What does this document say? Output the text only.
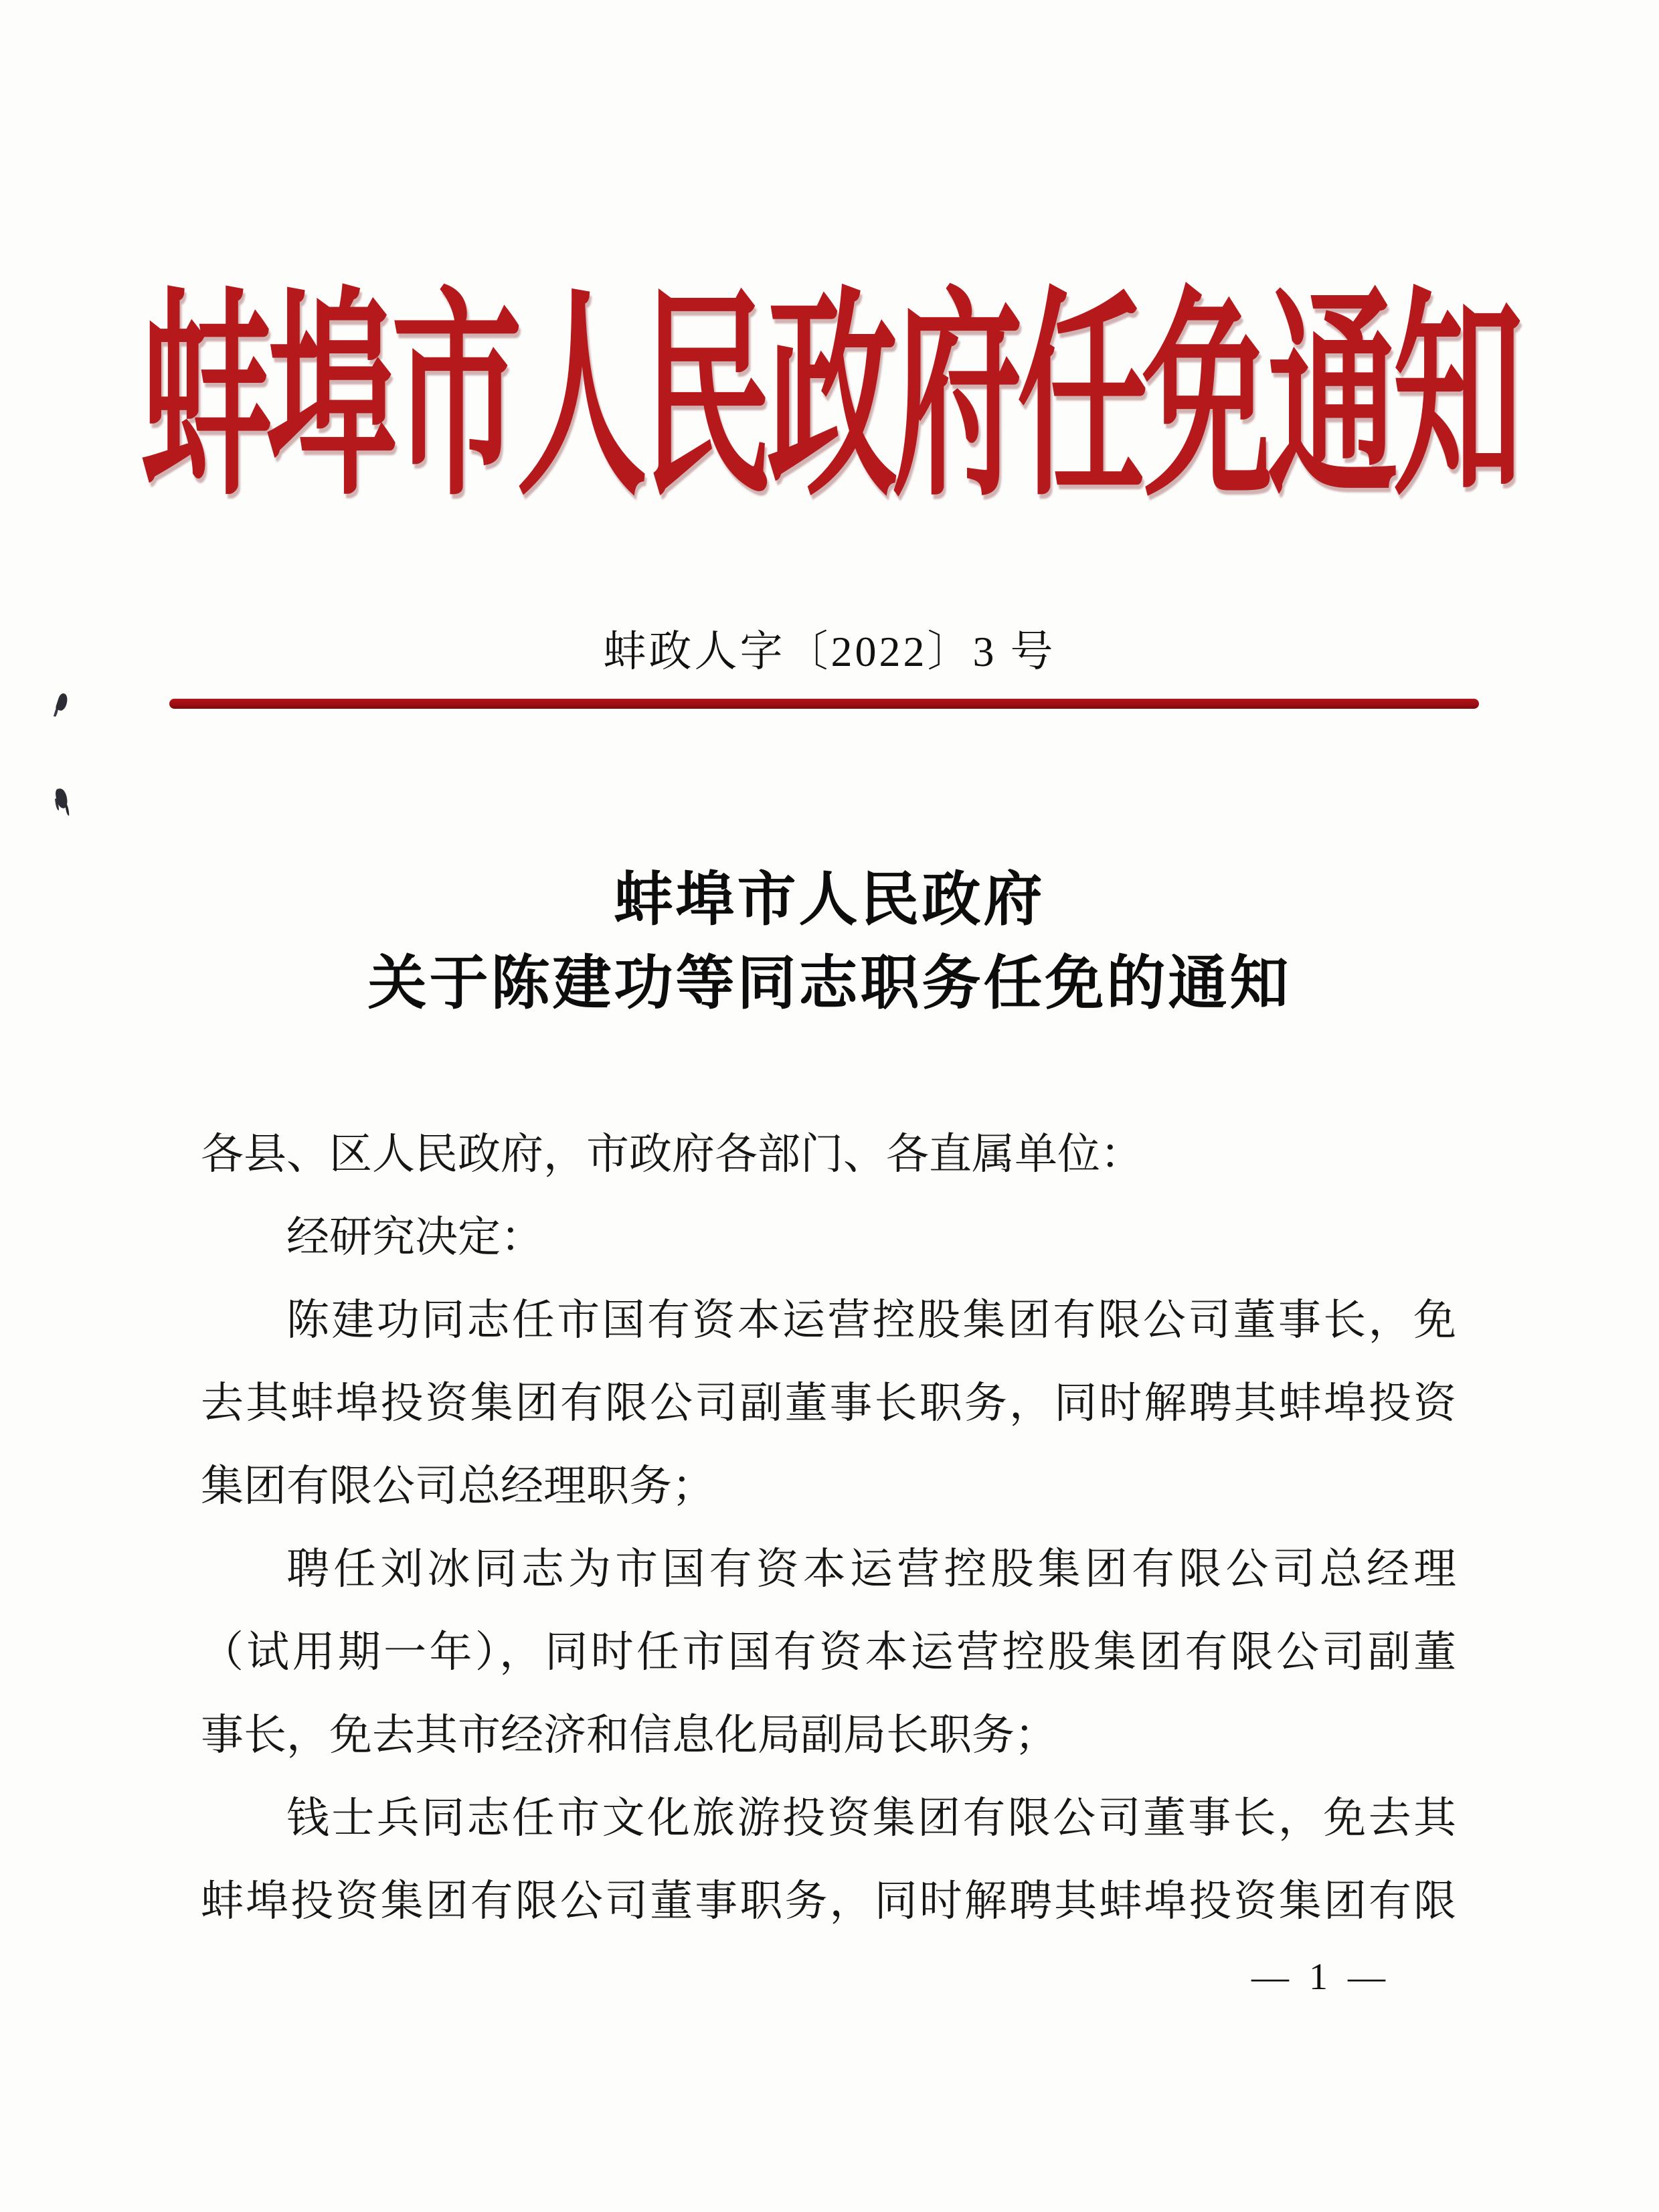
蚌埠市人民政府任免通知
蚌政人字〔2022〕3 号
蚌埠市人民政府
关于陈建功等同志职务任免的通知
各县、区人民政府，市政府各部门、各直属单位：
经研究决定：
陈建功同志任市国有资本运营控股集团有限公司董事长，免
去其蚌埠投资集团有限公司副董事长职务，同时解聘其蚌埠投资
集团有限公司总经理职务；
聘任刘冰同志为市国有资本运营控股集团有限公司总经理
（试用期一年），同时任市国有资本运营控股集团有限公司副董
事长，免去其市经济和信息化局副局长职务；
钱士兵同志任市文化旅游投资集团有限公司董事长，免去其
蚌埠投资集团有限公司董事职务，同时解聘其蚌埠投资集团有限
— 1 —
